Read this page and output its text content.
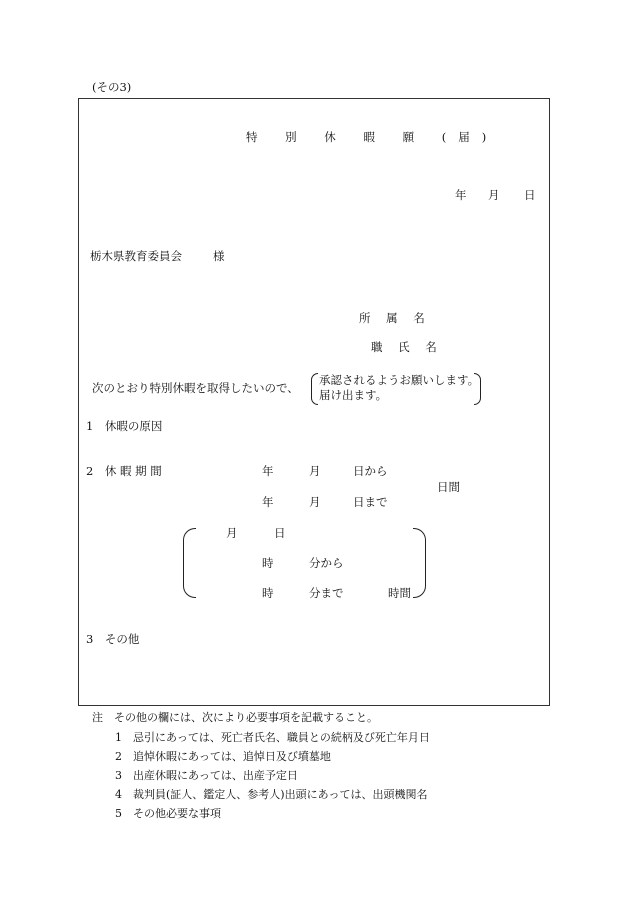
(その3)
特 別 休 暇 願 (届)
年 月 日
栃木県教育委員会	様
所 属 名
職 氏 名
次のとおり特別休暇を取得したいので、
承認されるようお願いします。
届け出ます。
1　休暇の原因
2　休 暇 期 間	年	月	日から
日間
年	月	日まで
月	日
時	分から
時	分まで	時間
3　その他
注　その他の欄には、次により必要事項を記載すること。
1　忌引にあっては、死亡者氏名、職員との続柄及び死亡年月日
2　追悼休暇にあっては、追悼日及び墳墓地
3　出産休暇にあっては、出産予定日
4　裁判員(証人、鑑定人、参考人)出頭にあっては、出頭機関名
5　その他必要な事項
